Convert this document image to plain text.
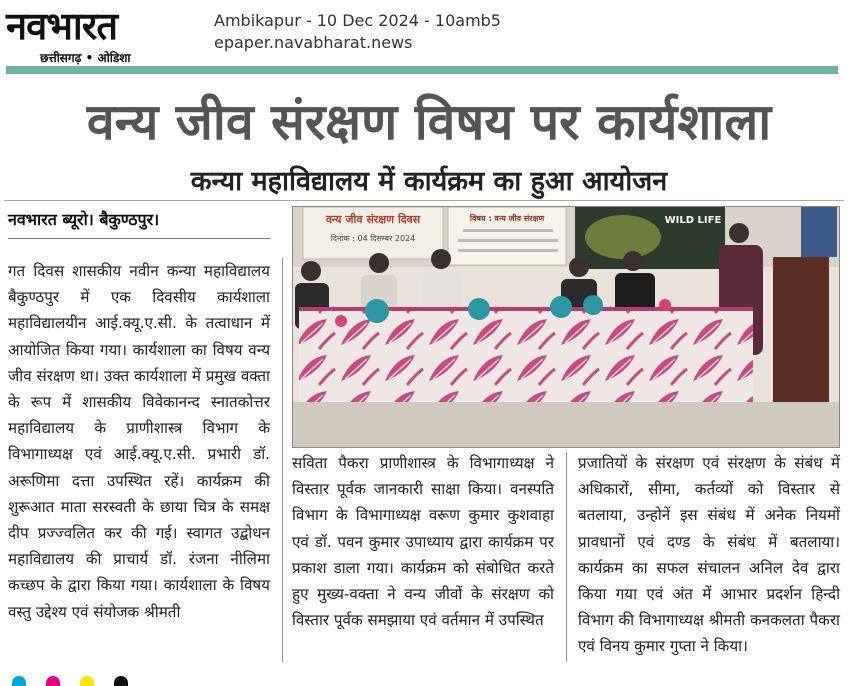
नवभारत
छत्तीसगढ़ • ओडिशा
Ambikapur - 10 Dec 2024 - 10amb5
epaper.navabharat.news
वन्य जीव संरक्षण विषय पर कार्यशाला
कन्या महाविद्यालय में कार्यक्रम का हुआ आयोजन
नवभारत ब्यूरो। बैकुण्ठपुर।
गत दिवस शासकीय नवीन कन्या महाविद्यालय बैकुण्ठपुर में एक दिवसीय कार्यशाला महाविद्यालयीन आई.क्यू.ए.सी. के तत्वाधान में आयोजित किया गया। कार्यशाला का विषय वन्य जीव संरक्षण था। उक्त कार्यशाला में प्रमुख वक्ता के रूप में शासकीय विवेकानन्द स्नातकोत्तर महाविद्यालय के प्राणीशास्त्र विभाग के विभागाध्यक्ष एवं आई.क्यू.ए.सी. प्रभारी डॉ. अरूणिमा दत्ता उपस्थित रहें। कार्यक्रम की शुरूआत माता सरस्वती के छाया चित्र के समक्ष दीप प्रज्ज्वलित कर की गई। स्वागत उद्बोधन महाविद्यालय की प्राचार्य डॉ. रंजना नीलिमा कच्छप के द्वारा किया गया। कार्यशाला के विषय वस्तु उद्देश्य एवं संयोजक श्रीमती
सविता पैकरा प्राणीशास्त्र के विभागाध्यक्ष ने विस्तार पूर्वक जानकारी साक्षा किया। वनस्पति विभाग के विभागाध्यक्ष वरूण कुमार कुशवाहा एवं डॉ. पवन कुमार उपाध्याय द्वारा कार्यक्रम पर प्रकाश डाला गया। कार्यक्रम को संबोधित करते हुए मुख्य-वक्ता ने वन्य जीवों के संरक्षण को विस्तार पूर्वक समझाया एवं वर्तमान में उपस्थित
प्रजातियों के संरक्षण एवं संरक्षण के संबंध में अधिकारों, सीमा, कर्तव्यों को विस्तार से बतलाया, उन्होनें इस संबंध में अनेक नियमों प्रावधानों एवं दण्ड के संबंध में बतलाया। कार्यक्रम का सफल संचालन अनिल देव द्वारा किया गया एवं अंत में आभार प्रदर्शन हिन्दी विभाग की विभागाध्यक्ष श्रीमती कनकलता पैकरा एवं विनय कुमार गुप्ता ने किया।
वन्य जीव संरक्षण दिवस
दिनांक : 04 दिसम्बर 2024
विषय : वन्य जीव संरक्षण	WILD LIFE
